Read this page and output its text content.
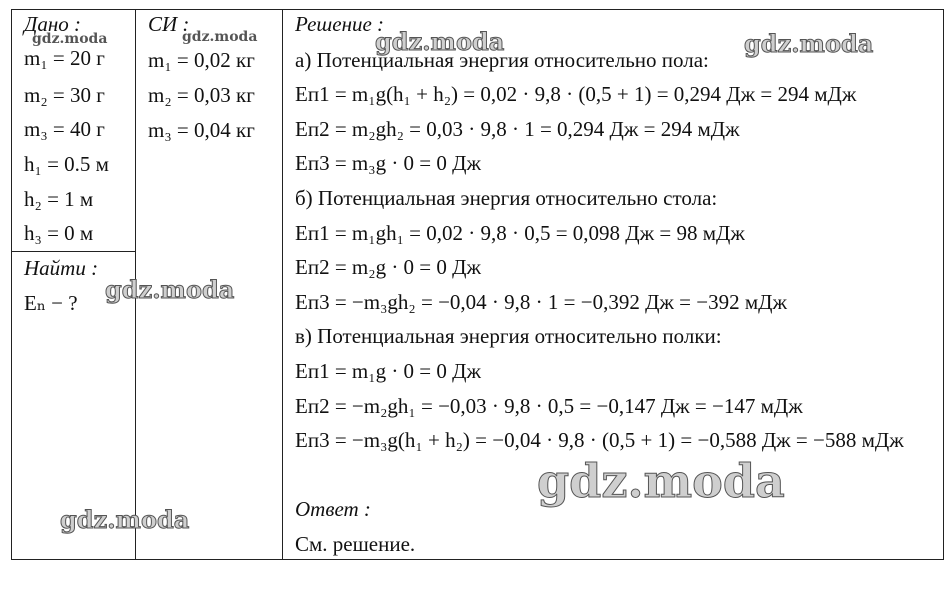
Дано :
m₁ = 20 г
m₂ = 30 г
m₃ = 40 г
h₁ = 0.5 м
h₂ = 1 м
h₃ = 0 м
Найти :
Eₙ − ?
СИ :
m₁ = 0,02 кг
m₂ = 0,03 кг
m₃ = 0,04 кг
Решение :
а) Потенциальная энергия относительно пола:
Eп1 = m₁g(h₁ + h₂) = 0,02 · 9,8 · (0,5 + 1) = 0,294 Дж = 294 мДж
Eп2 = m₂gh₂ = 0,03 · 9,8 · 1 = 0,294 Дж = 294 мДж
Eп3 = m₃g · 0 = 0 Дж
б) Потенциальная энергия относительно стола:
Eп1 = m₁gh₁ = 0,02 · 9,8 · 0,5 = 0,098 Дж = 98 мДж
Eп2 = m₂g · 0 = 0 Дж
Eп3 = −m₃gh₂ = −0,04 · 9,8 · 1 = −0,392 Дж = −392 мДж
в) Потенциальная энергия относительно полки:
Eп1 = m₁g · 0 = 0 Дж
Eп2 = −m₂gh₁ = −0,03 · 9,8 · 0,5 = −0,147 Дж = −147 мДж
Eп3 = −m₃g(h₁ + h₂) = −0,04 · 9,8 · (0,5 + 1) = −0,588 Дж = −588 мДж
Ответ :
См. решение.
gdz.moda	gdz.moda	gdz.moda	gdz.moda
gdz.moda
gdz.moda
gdz.moda
